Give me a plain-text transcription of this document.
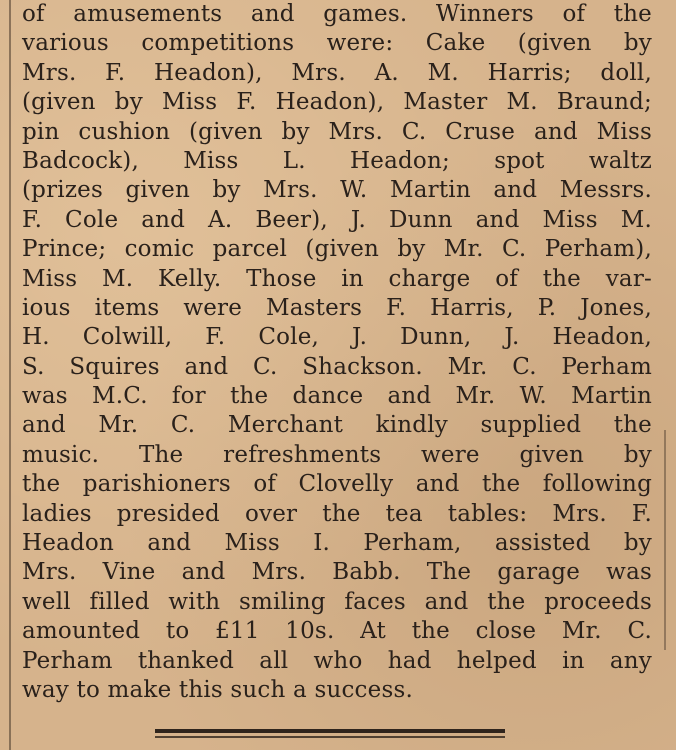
of amusements and games. Winners of the
various competitions were: Cake (given by
Mrs. F. Headon), Mrs. A. M. Harris; doll,
(given by Miss F. Headon), Master M. Braund;
pin cushion (given by Mrs. C. Cruse and Miss
Badcock), Miss L. Headon; spot waltz
(prizes given by Mrs. W. Martin and Messrs.
F. Cole and A. Beer), J. Dunn and Miss M.
Prince; comic parcel (given by Mr. C. Perham),
Miss M. Kelly. Those in charge of the var-
ious items were Masters F. Harris, P. Jones,
H. Colwill, F. Cole, J. Dunn, J. Headon,
S. Squires and C. Shackson. Mr. C. Perham
was M.C. for the dance and Mr. W. Martin
and Mr. C. Merchant kindly supplied the
music. The refreshments were given by
the parishioners of Clovelly and the following
ladies presided over the tea tables: Mrs. F.
Headon and Miss I. Perham, assisted by
Mrs. Vine and Mrs. Babb. The garage was
well filled with smiling faces and the proceeds
amounted to £11 10s. At the close Mr. C.
Perham thanked all who had helped in any
way to make this such a success.
